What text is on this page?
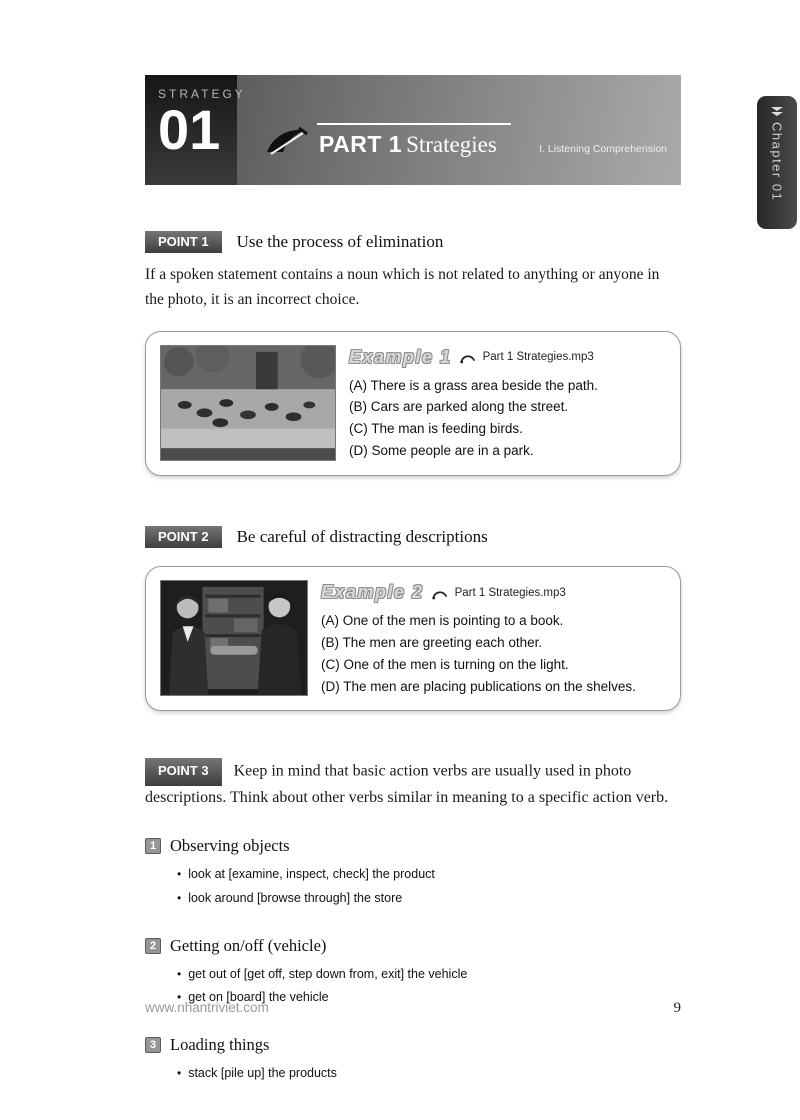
Chapter 01
STRATEGY
01	PART 1 Strategies	I. Listening Comprehension
POINT 1	Use the process of elimination

If a spoken statement contains a noun which is not related to anything or anyone in the photo, it is an incorrect choice.

Example 1	Part 1 Strategies.mp3
(A) There is a grass area beside the path.
(B) Cars are parked along the street.
(C) The man is feeding birds.
(D) Some people are in a park.
POINT 2	Be careful of distracting descriptions
Example 2	Part 1 Strategies.mp3
(A) One of the men is pointing to a book.
(B) The men are greeting each other.
(C) One of the men is turning on the light.
(D) The men are placing publications on the shelves.

POINT 3 Keep in mind that basic action verbs are usually used in photo descriptions. Think about other verbs similar in meaning to a specific action verb.

1 Observing objects
• look at [examine, inspect, check] the product
• look around [browse through] the store
2 Getting on/off (vehicle)
• get out of [get off, step down from, exit] the vehicle
• get on [board] the vehicle
3 Loading things
• stack [pile up] the products
www.nhantriviet.com	9
